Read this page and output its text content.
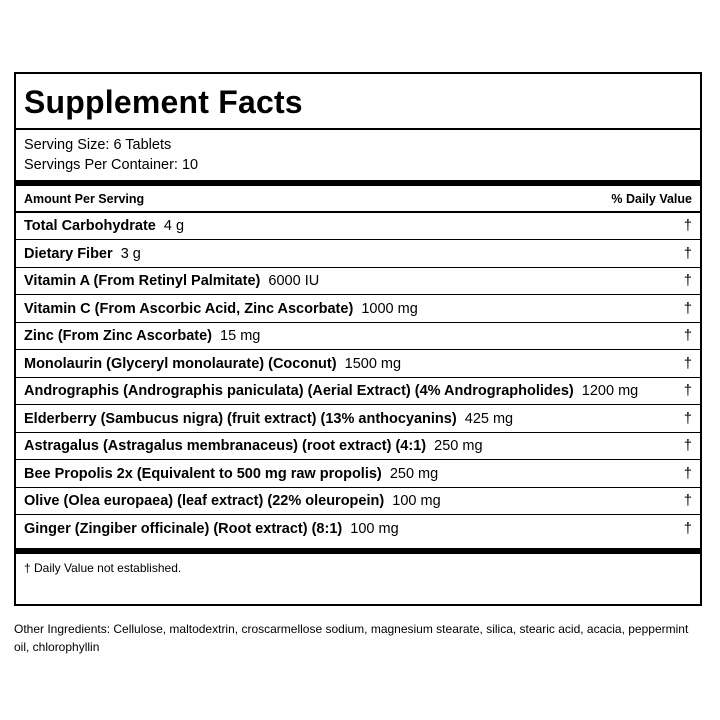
Supplement Facts
Serving Size: 6 Tablets
Servings Per Container: 10
Amount Per Serving	% Daily Value
Total Carbohydrate 4 g	†
Dietary Fiber 3 g	†
Vitamin A (From Retinyl Palmitate) 6000 IU	†
Vitamin C (From Ascorbic Acid, Zinc Ascorbate) 1000 mg	†
Zinc (From Zinc Ascorbate) 15 mg	†
Monolaurin (Glyceryl monolaurate) (Coconut) 1500 mg	†
Andrographis (Andrographis paniculata) (Aerial Extract) (4% Andrographolides) 1200 mg	†
Elderberry (Sambucus nigra) (fruit extract) (13% anthocyanins) 425 mg	†
Astragalus (Astragalus membranaceus) (root extract) (4:1) 250 mg	†
Bee Propolis 2x (Equivalent to 500 mg raw propolis) 250 mg	†
Olive (Olea europaea) (leaf extract) (22% oleuropein) 100 mg	†
Ginger (Zingiber officinale) (Root extract) (8:1) 100 mg	†
† Daily Value not established.
Other Ingredients: Cellulose, maltodextrin, croscarmellose sodium, magnesium stearate, silica, stearic acid, acacia, peppermint oil, chlorophyllin
